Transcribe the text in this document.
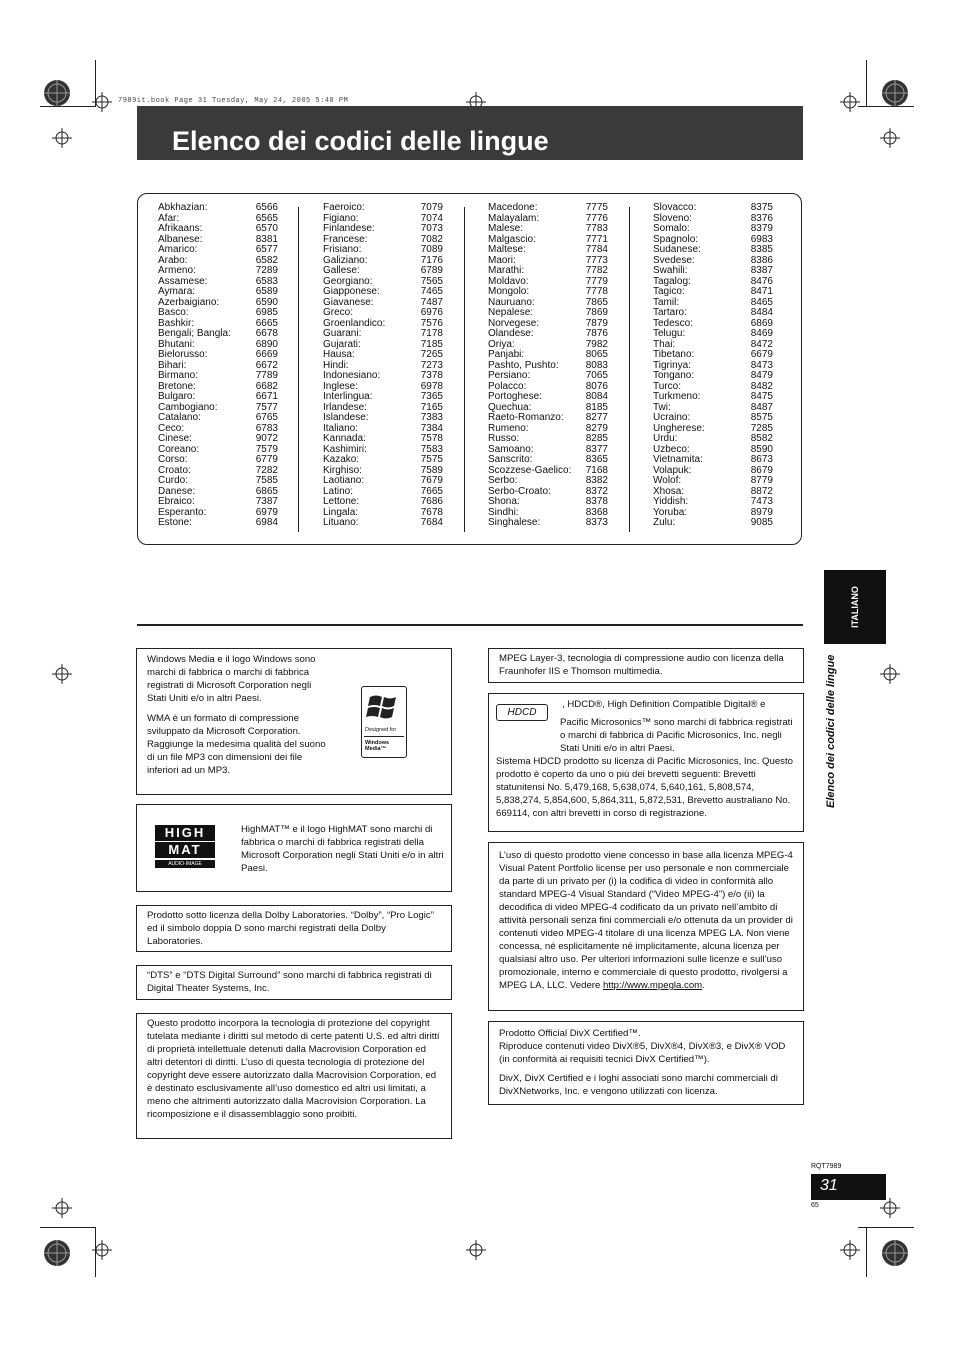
7989it.book Page 31 Tuesday, May 24, 2005 5:48 PM
Elenco dei codici delle lingue
Abkhazian:	6566
Afar:	6565
Afrikaans:	6570
Albanese:	8381
Amarico:	6577
Arabo:	6582
Armeno:	7289
Assamese:	6583
Aymara:	6589
Azerbaigiano:	6590
Basco:	6985
Bashkir:	6665
Bengali; Bangla: 6678
Bhutani:	6890
Bielorusso:	6669
Bihari:	6672
Birmano:	7789
Bretone:	6682
Bulgaro:	6671
Cambogiano:	7577
Catalano:	6765
Ceco:	6783
Cinese:	9072
Coreano:	7579
Corso:	6779
Croato:	7282
Curdo:	7585
Danese:	6865
Ebraico:	7387
Esperanto:	6979
Estone:	6984
Faeroico:	7079
Figiano:	7074
Finlandese:	7073
Francese:	7082
Frisiano:	7089
Galiziano:	7176
Gallese:	6789
Georgiano:	7565
Giapponese:	7465
Giavanese:	7487
Greco:	6976
Groenlandico:	7576
Guarani:	7178
Gujarati:	7185
Hausa:	7265
Hindi:	7273
Indonesiano:	7378
Inglese:	6978
Interlingua:	7365
Irlandese:	7165
Islandese:	7383
Italiano:	7384
Kannada:	7578
Kashimiri:	7583
Kazako:	7575
Kirghiso:	7589
Laotiano:	7679
Latino:	7665
Lettone:	7686
Lingala:	7678
Lituano:	7684
Macedone:	7775
Malayalam:	7776
Malese:	7783
Malgascio:	7771
Maltese:	7784
Maori:	7773
Marathi:	7782
Moldavo:	7779
Mongolo:	7778
Nauruano:	7865
Nepalese:	7869
Norvegese:	7879
Olandese:	7876
Oriya:	7982
Panjabi:	8065
Pashto, Pushto:	8083
Persiano:	7065
Polacco:	8076
Portoghese:	8084
Quechua:	8185
Raeto-Romanzo: 8277
Rumeno:	8279
Russo:	8285
Samoano:	8377
Sanscrito:	8365
Scozzese-Gaelico: 7168
Serbo:	8382
Serbo-Croato:	8372
Shona:	8378
Sindhi:	8368
Singhalese:	8373
Slovacco:	8375
Sloveno:	8376
Somalo:	8379
Spagnolo:	6983
Sudanese:	8385
Svedese:	8386
Swahili:	8387
Tagalog:	8476
Tagico:	8471
Tamil:	8465
Tartaro:	8484
Tedesco:	6869
Telugu:	8469
Thai:	8472
Tibetano:	6679
Tigrinya:	8473
Tongano:	8479
Turco:	8482
Turkmeno:	8475
Twi:	8487
Ucraino:	8575
Ungherese:	7285
Urdu:	8582
Uzbeco:	8590
Vietnamita:	8673
Volapuk:	8679
Wolof:	8779
Xhosa:	8872
Yiddish:	7473
Yoruba:	8979
Zulu:	9085
ITALIANO
Elenco dei codici delle lingue

Windows Media e il logo Windows sono marchi di fabbrica o marchi di fabbrica registrati di Microsoft Corporation negli Stati Uniti e/o in altri Paesi.

WMA è un formato di compressione sviluppato da Microsoft Corporation. Raggiunge la medesima qualità del suono di un file MP3 con dimensioni dei file inferiori ad un MP3.

Designed for
Windows Media™
HIGH
MAT
AUDIO·IMAGE

HighMAT™ e il logo HighMAT sono marchi di fabbrica o marchi di fabbrica registrati della Microsoft Corporation negli Stati Uniti e/o in altri Paesi.

Prodotto sotto licenza della Dolby Laboratories. “Dolby”, “Pro Logic” ed il simbolo doppia D sono marchi registrati della Dolby Laboratories.

“DTS” e “DTS Digital Surround” sono marchi di fabbrica registrati di Digital Theater Systems, Inc.

Questo prodotto incorpora la tecnologia di protezione del copyright tutelata mediante i diritti sul metodo di certe patenti U.S. ed altri diritti di proprietà intellettuale detenuti dalla Macrovision Corporation ed altri detentori di diritti. L’uso di questa tecnologia di protezione del copyright deve essere autorizzato dalla Macrovision Corporation, ed è destinato esclusivamente all’uso domestico ed altri usi limitati, a meno che altrimenti autorizzato dalla Macrovision Corporation. La ricomposizione e il disassemblaggio sono proibiti.

MPEG Layer-3, tecnologia di compressione audio con licenza della Fraunhofer IIS e Thomson multimedia.

HDCD

, HDCD®, High Definition Compatible Digital® e

Pacific Microsonics™ sono marchi di fabbrica registrati o marchi di fabbrica di Pacific Microsonics, Inc. negli Stati Uniti e/o in altri Paesi.

Sistema HDCD prodotto su licenza di Pacific Microsonics, Inc. Questo prodotto è coperto da uno o più dei brevetti seguenti: Brevetti statunitensi No. 5,479,168, 5,638,074, 5,640,161, 5,808,574, 5,838,274, 5,854,600, 5,864,311, 5,872,531, Brevetto australiano No. 669114, con altri brevetti in corso di registrazione.

L’uso di questo prodotto viene concesso in base alla licenza MPEG-4 Visual Patent Portfolio license per uso personale e non commerciale da parte di un privato per (i) la codifica di video in conformità allo standard MPEG-4 Visual Standard (“Video MPEG-4”) e/o (ii) la decodifica di video MPEG-4 codificato da un privato nell’ambito di attività personali senza fini commerciali e/o ottenuta da un provider di contenuti video MPEG-4 titolare di una licenza MPEG LA. Non viene concessa, né esplicitamente né implicitamente, alcuna licenza per qualsiasi altro uso. Per ulteriori informazioni sulle licenze e sull’uso promozionale, interno e commerciale di questo prodotto, rivolgersi a MPEG LA, LLC. Vedere http://www.mpegla.com.

Prodotto Official DivX Certified™.

Riproduce contenuti video DivX®5, DivX®4, DivX®3, e DivX® VOD (in conformità ai requisiti tecnici DivX Certified™).

DivX, DivX Certified e i loghi associati sono marchi commerciali di DivXNetworks, Inc. e vengono utilizzati con licenza.

RQT7989
31
65
